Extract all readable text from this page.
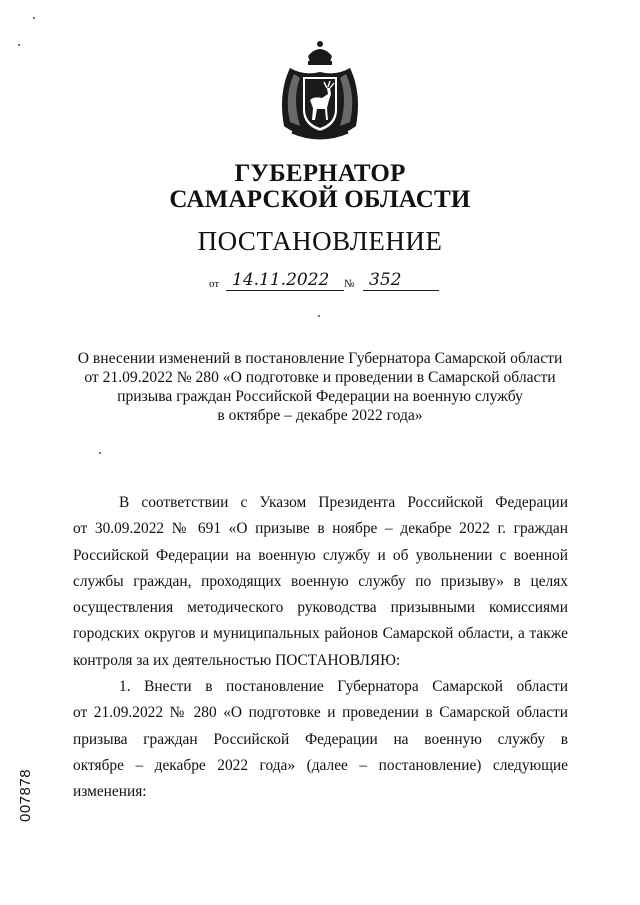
ГУБЕРНАТОР
САМАРСКОЙ ОБЛАСТИ
ПОСТАНОВЛЕНИЕ
от 14.11.2022	№ 352
О внесении изменений в постановление Губернатора Самарской области
от 21.09.2022 № 280 «О подготовке и проведении в Самарской области
призыва граждан Российской Федерации на военную службу
в октябре – декабре 2022 года»
В соответствии с Указом Президента Российской Федерации
от 30.09.2022 № 691 «О призыве в ноябре – декабре 2022 г. граждан
Российской Федерации на военную службу и об увольнении с военной
службы граждан, проходящих военную службу по призыву» в целях
осуществления методического руководства призывными комиссиями
городских округов и муниципальных районов Самарской области, а также
контроля за их деятельностью ПОСТАНОВЛЯЮ:
1. Внести в постановление Губернатора Самарской области
от 21.09.2022 № 280 «О подготовке и проведении в Самарской области
призыва граждан Российской Федерации на военную службу в
октябре – декабре 2022 года» (далее – постановление) следующие
изменения:
007878
